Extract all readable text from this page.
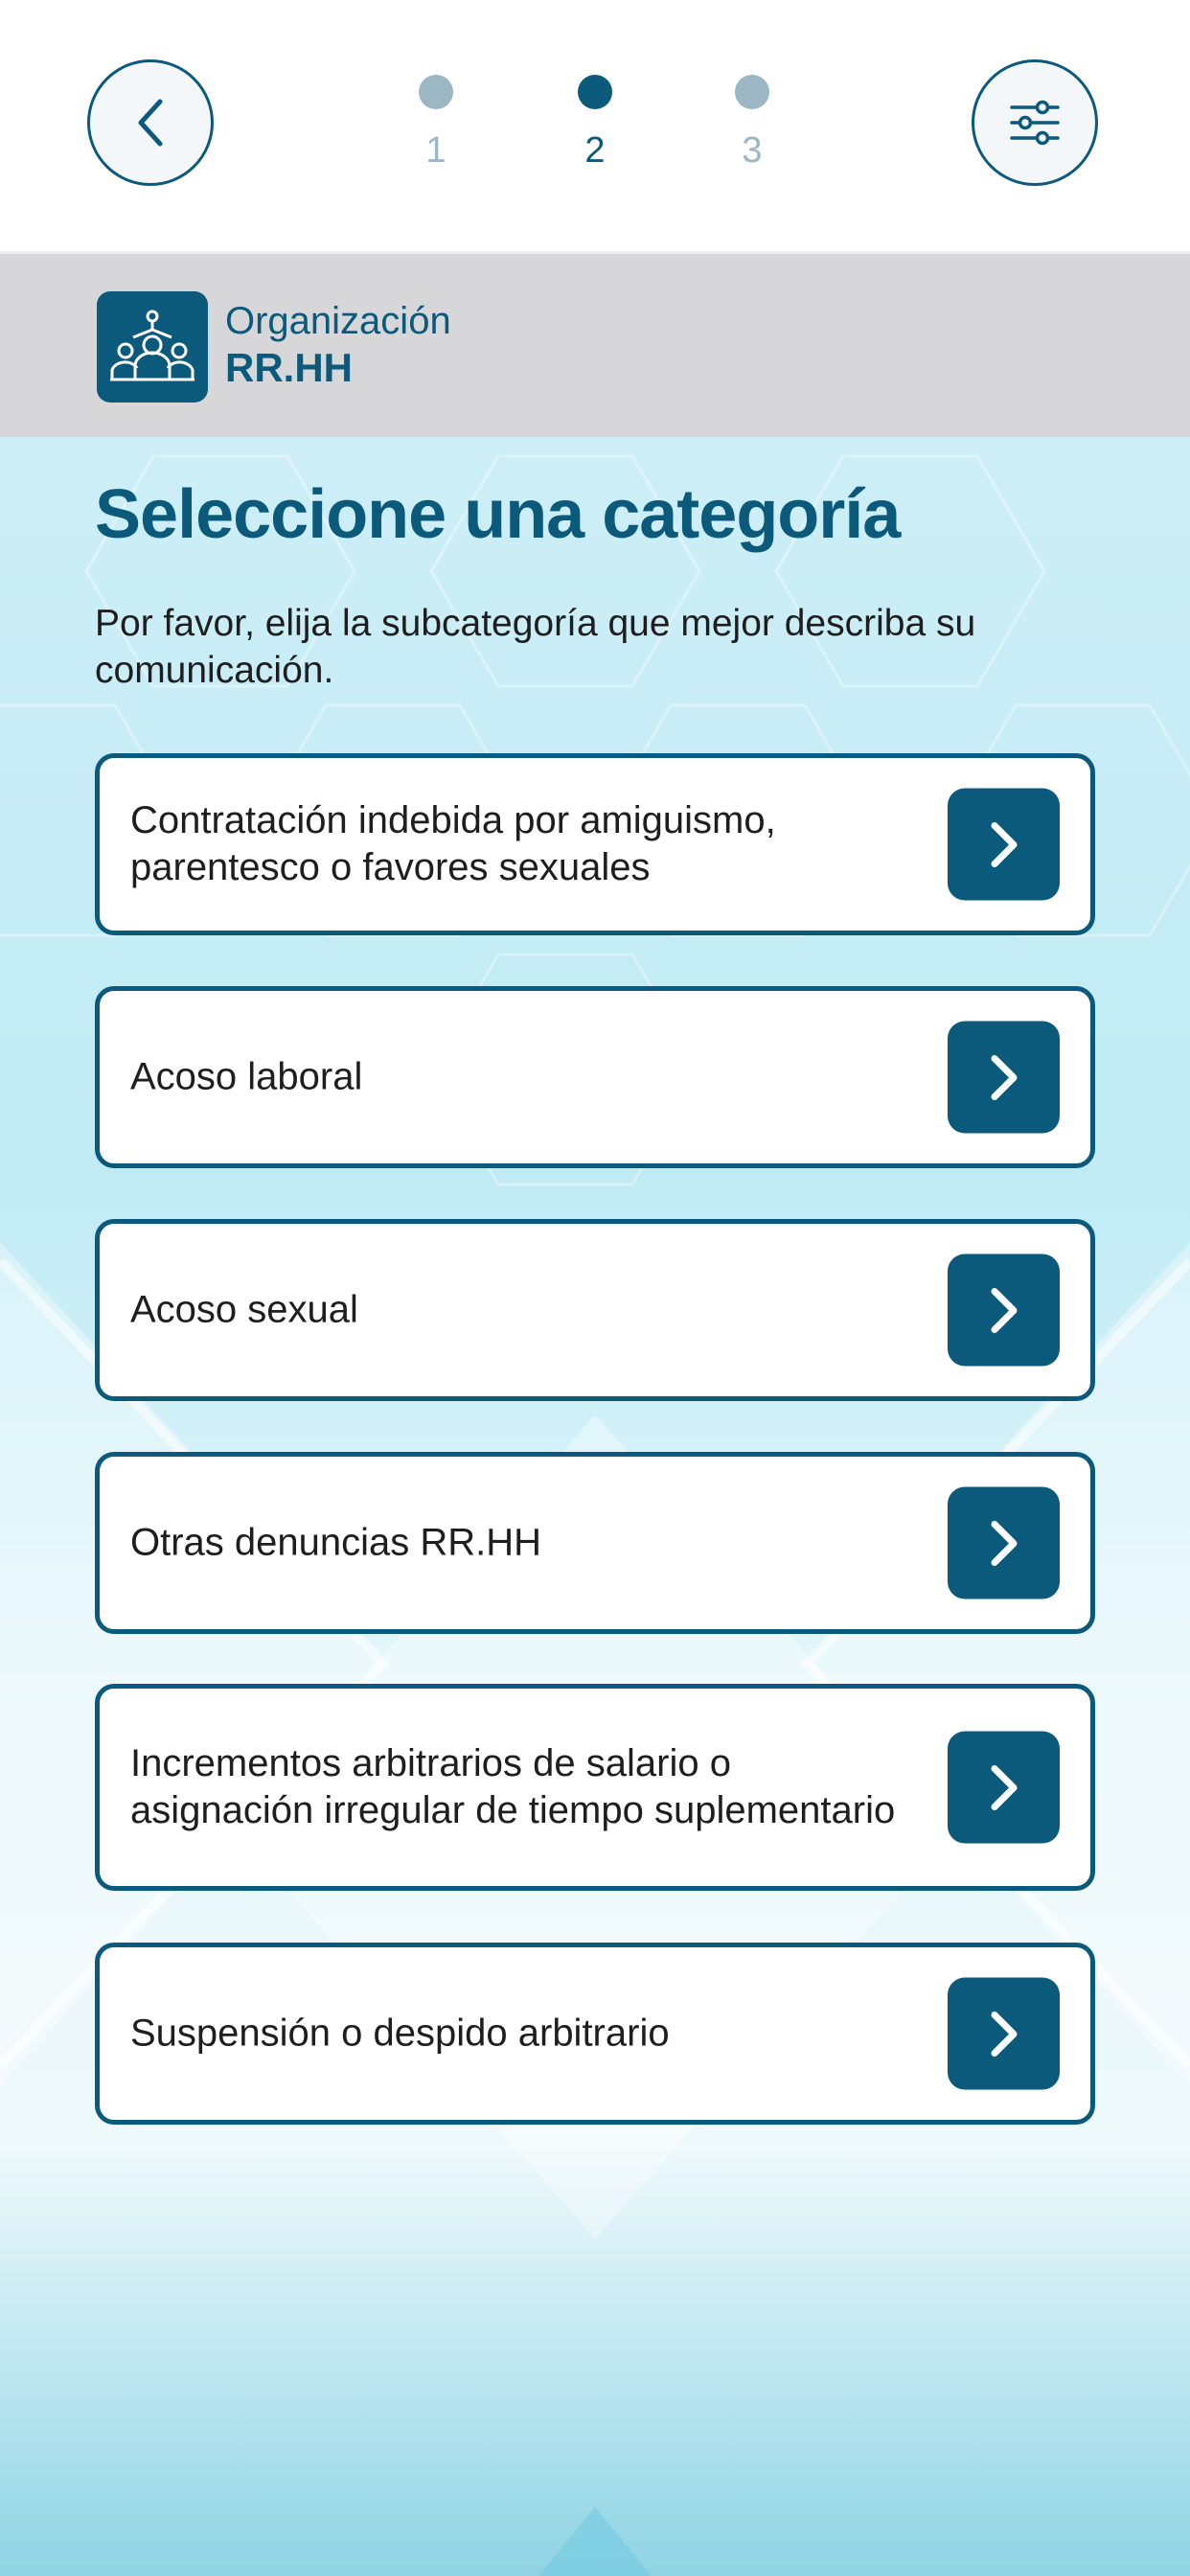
1	2	3
Organización
RR.HH
Seleccione una categoría

Por favor, elija la subcategoría que mejor describa su comunicación.

Contratación indebida por amiguismo, parentesco o favores sexuales
Acoso laboral
Acoso sexual
Otras denuncias RR.HH
Incrementos arbitrarios de salario o asignación irregular de tiempo suplementario
Suspensión o despido arbitrario
